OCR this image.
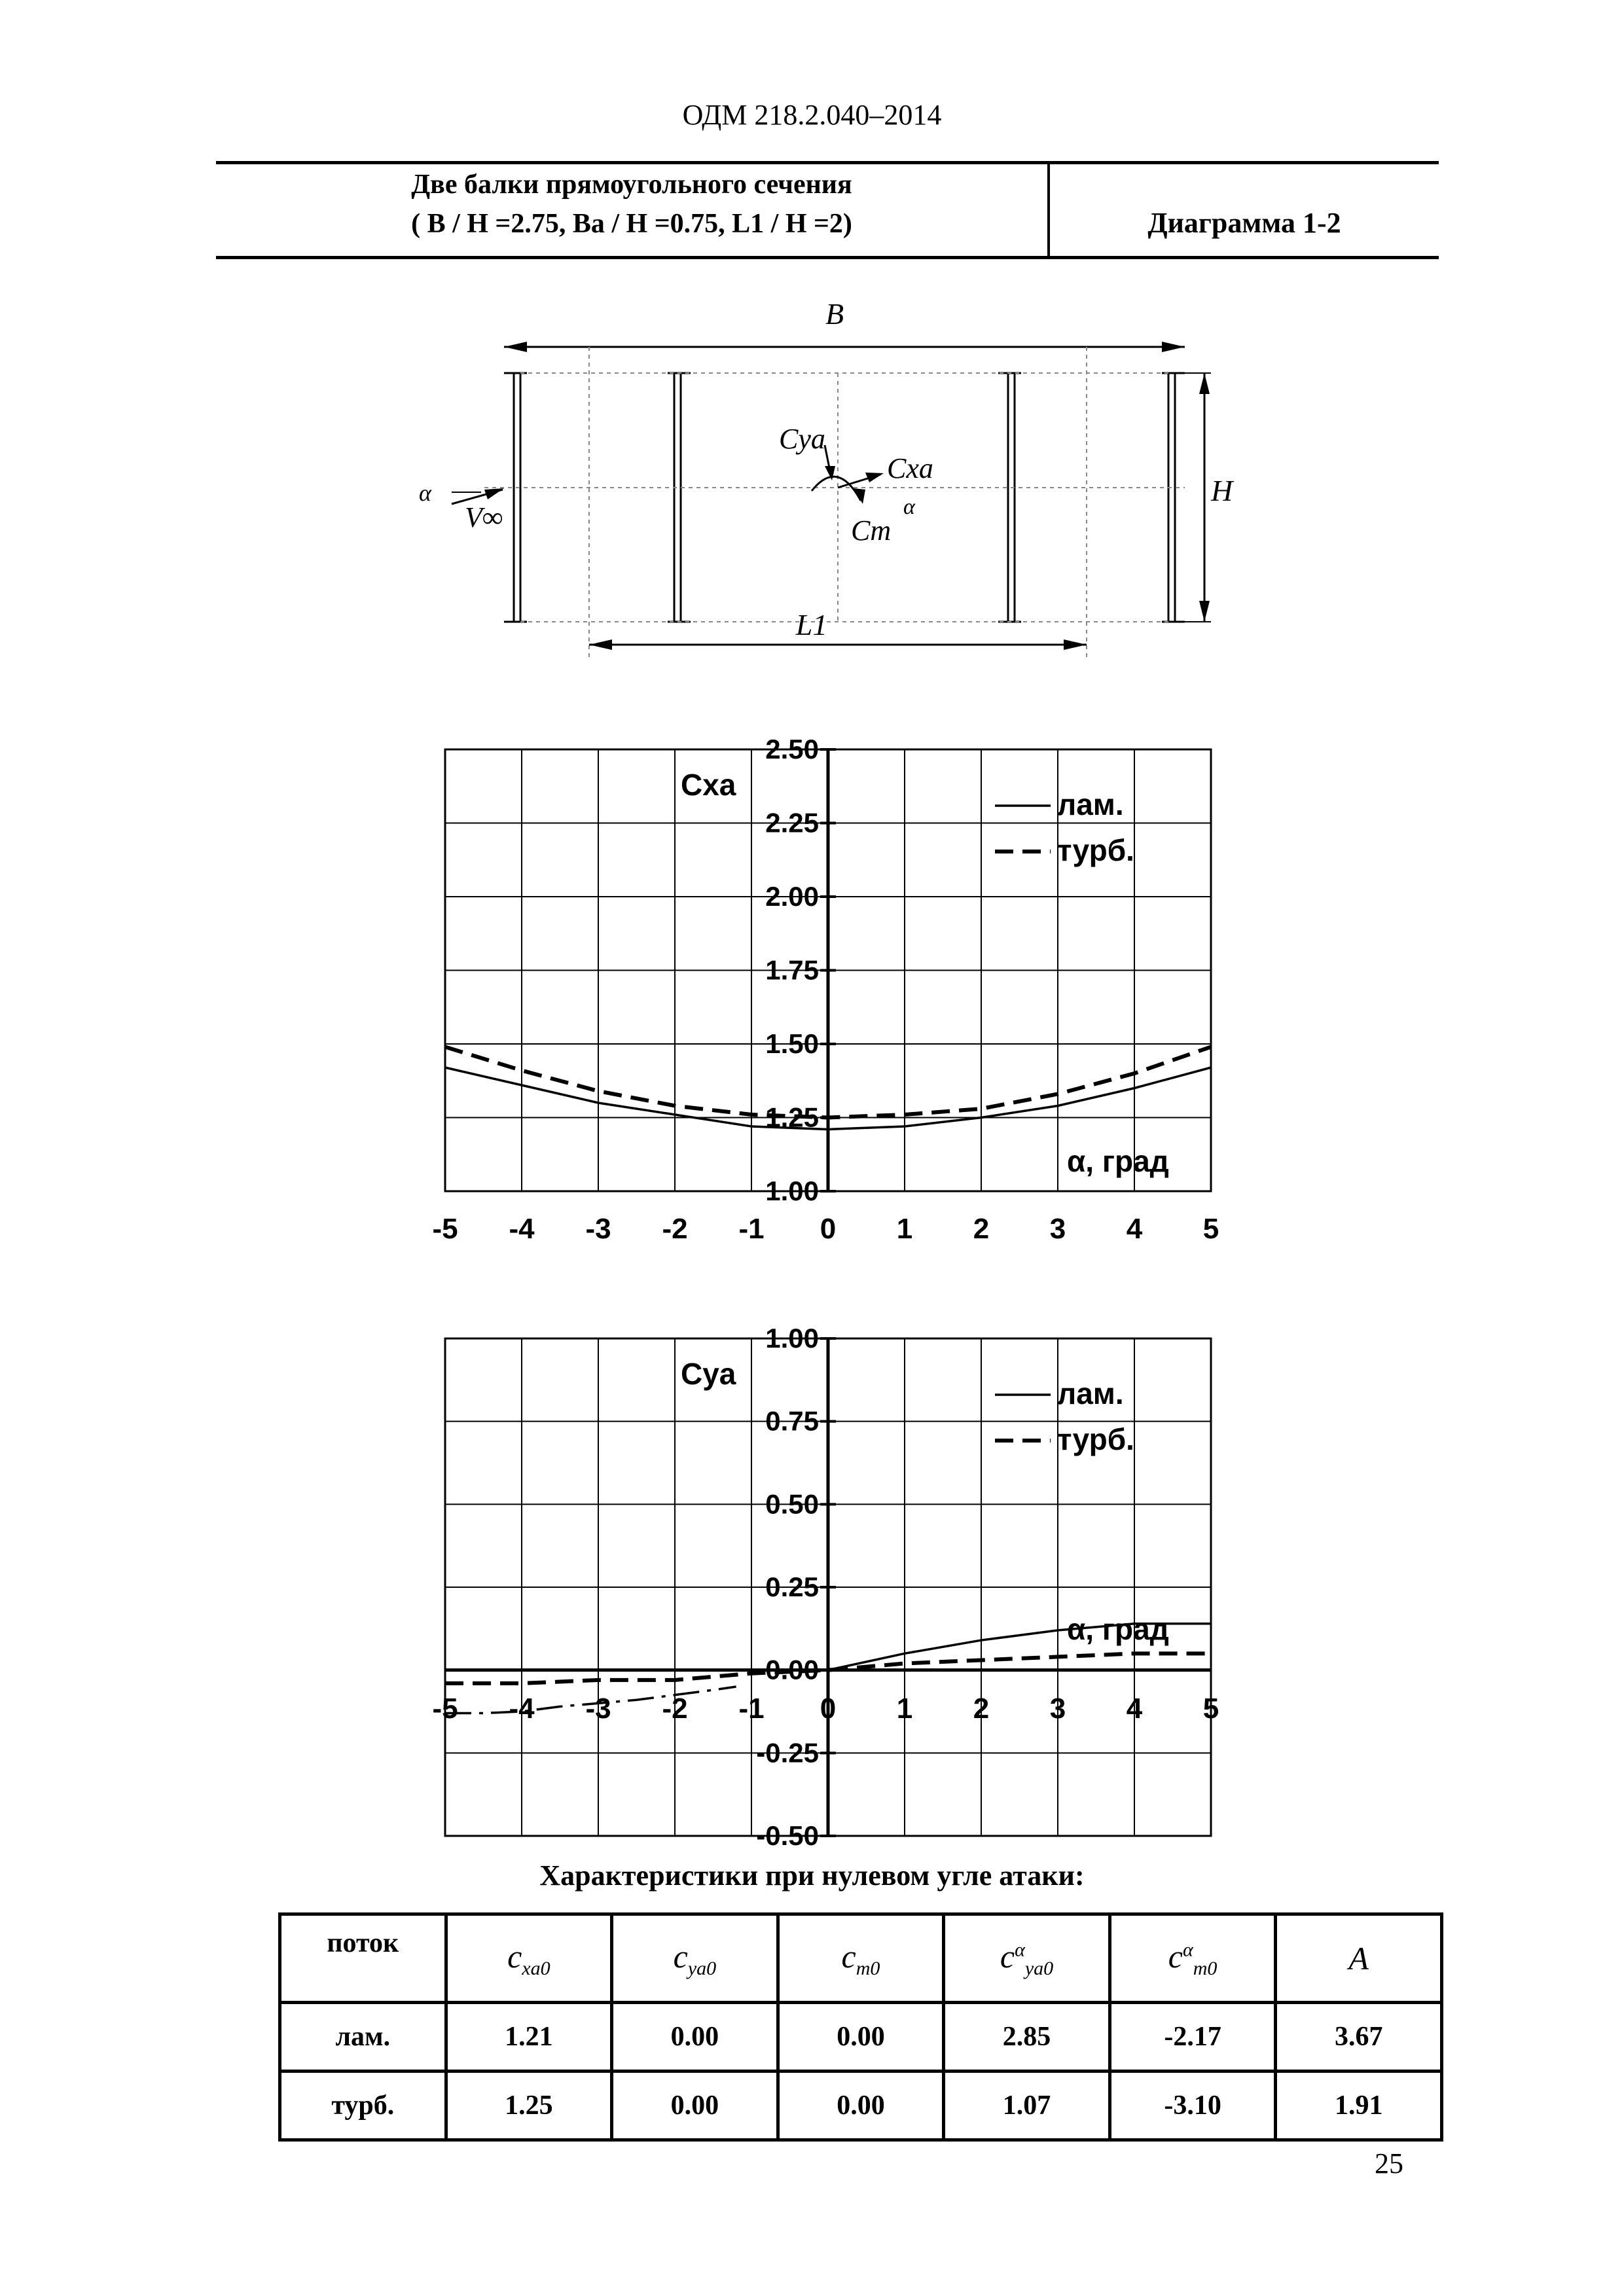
ОДМ 218.2.040–2014
Две балки прямоугольного сечения
( B / H =2.75, Bа / H =0.75, L1 / H =2)	Диаграмма 1-2
B
H
L1
α
V∞
Cya
Cxa
Cm
α
1.00
1.25
1.50
1.75
2.00
2.25
2.50
-5 -4 -3 -2 -1 0 1 2 3 4 5
Cxa
α, град
лам.
турб.
-0.50
-0.25
0.00
0.25
0.50
0.75
1.00
-5 -4 -3 -2 -1 0 1 2 3 4 5
Cya
α, град
лам.
турб.
Характеристики при нулевом угле атаки:
поток	$c_{xa0}$	$c_{ya0}$	$c_{m0}$	$c^\alpha_{ya0}$	$c^\alpha_{m0}$	A
лам.	1.21	0.00	0.00	2.85	-2.17	3.67
турб.	1.25	0.00	0.00	1.07	-3.10	1.91
25
